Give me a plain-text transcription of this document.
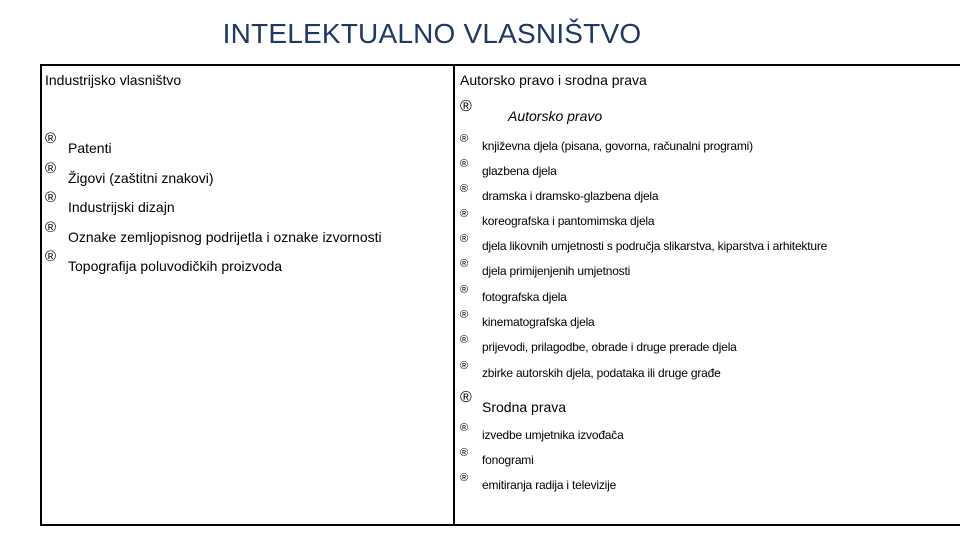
INTELEKTUALNO VLASNIŠTVO
Industrijsko vlasništvo
®
Patenti
®
Žigovi (zaštitni znakovi)
®
Industrijski dizajn
®
Oznake zemljopisnog podrijetla i oznake izvornosti
®
Topografija poluvodičkih proizvoda
Autorsko pravo i srodna prava
®
Autorsko pravo
® književna djela (pisana, govorna, računalni programi)
® glazbena djela
® dramska i dramsko-glazbena djela
® koreografska i pantomimska djela
® djela likovnih umjetnosti s područja slikarstva, kiparstva i arhitekture
® djela primijenjenih umjetnosti
® fotografska djela
® kinematografska djela
® prijevodi, prilagodbe, obrade i druge prerade djela
® zbirke autorskih djela, podataka ili druge građe
®
Srodna prava
® izvedbe umjetnika izvođača
® fonogrami
® emitiranja radija i televizije
